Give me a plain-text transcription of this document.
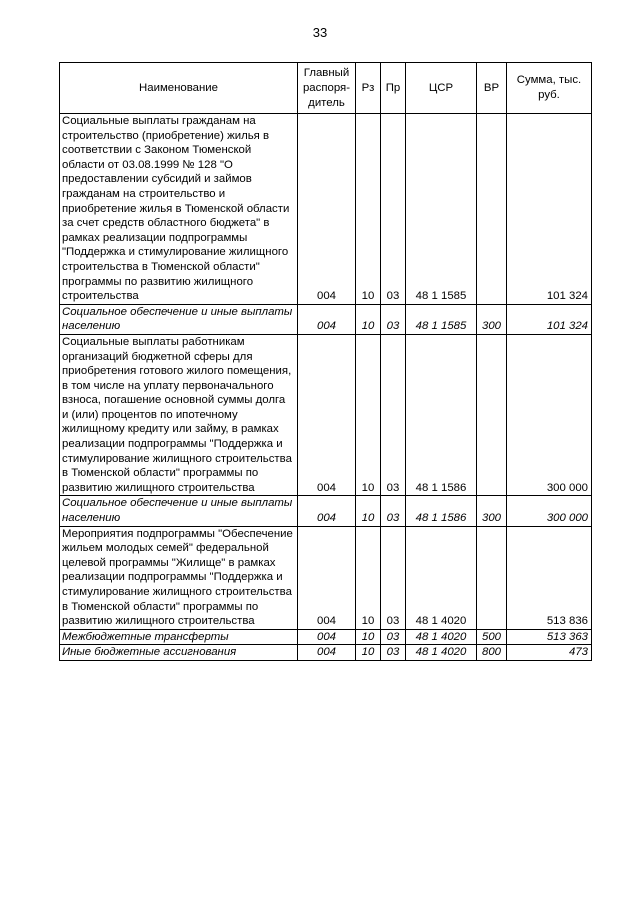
33
Наименование	Главный распоря- дитель	Рз	Пр	ЦСР	ВР	Сумма, тыс. руб.
Социальные выплаты гражданам на строительство (приобретение) жилья в соответствии с Законом Тюменской области от 03.08.1999 № 128 "О предоставлении субсидий и займов гражданам на строительство и приобретение жилья в Тюменской области за счет средств областного бюджета" в рамках реализации подпрограммы "Поддержка и стимулирование жилищного строительства в Тюменской области" программы по развитию жилищного строительства	004	10	03	48 1 1585		101 324
Социальное обеспечение и иные выплаты населению	004	10	03	48 1 1585	300	101 324
Социальные выплаты работникам организаций бюджетной сферы для приобретения готового жилого помещения, в том числе на уплату первоначального взноса, погашение основной суммы долга и (или) процентов по ипотечному жилищному кредиту или займу, в рамках реализации подпрограммы "Поддержка и стимулирование жилищного строительства в Тюменской области" программы по развитию жилищного строительства	004	10	03	48 1 1586		300 000
Социальное обеспечение и иные выплаты населению	004	10	03	48 1 1586	300	300 000
Мероприятия подпрограммы "Обеспечение жильем молодых семей" федеральной целевой программы "Жилище" в рамках реализации подпрограммы "Поддержка и стимулирование жилищного строительства в Тюменской области" программы по развитию жилищного строительства	004	10	03	48 1 4020		513 836
Межбюджетные трансферты	004	10	03	48 1 4020	500	513 363
Иные бюджетные ассигнования	004	10	03	48 1 4020	800	473
